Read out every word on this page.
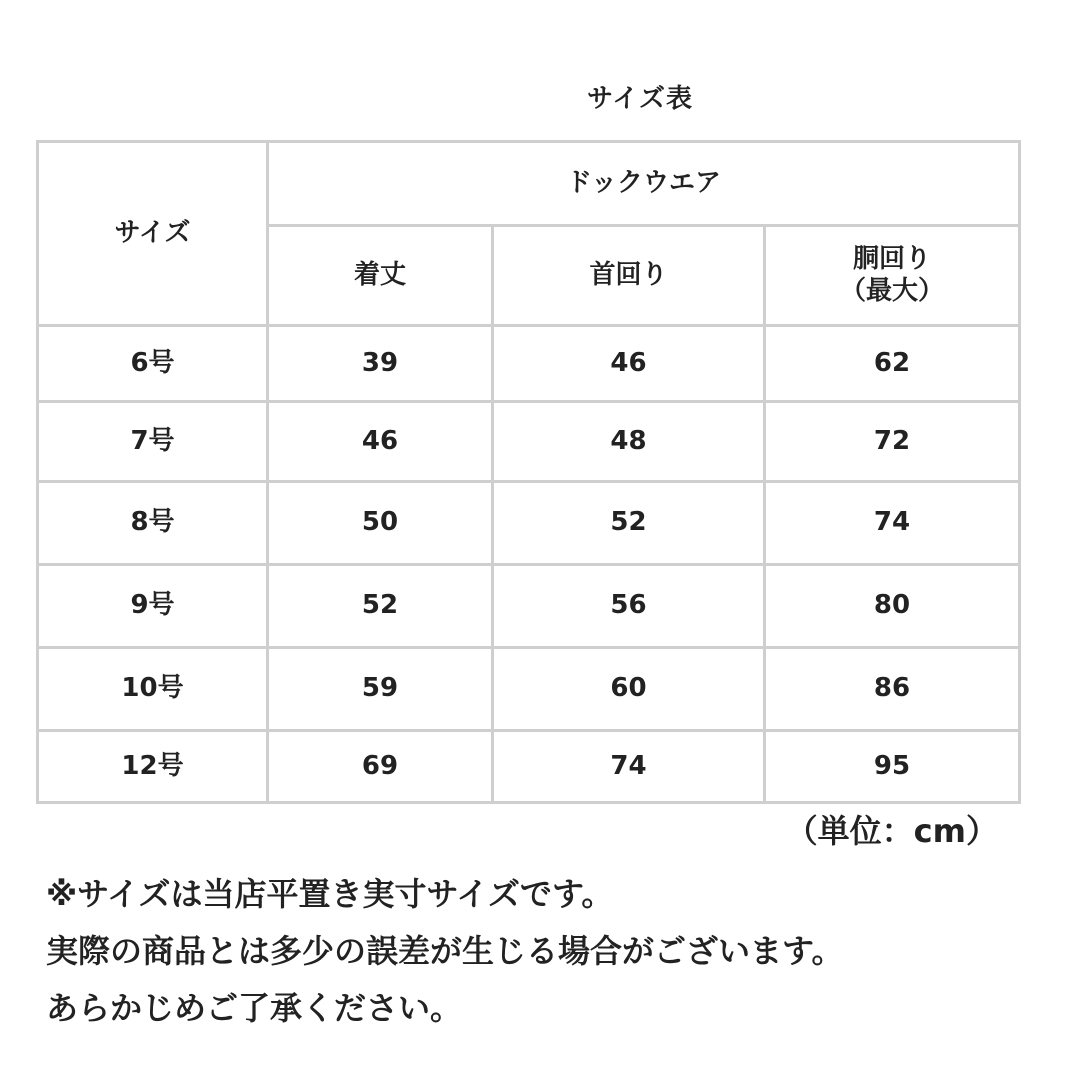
サイズ表
サイズ	ドックウエア		
	着丈	首回り	胴回り
（最大）

6号	39	46	62
7号	46	48	72
8号	50	52	74
9号	52	56	80
10号	59	60	86
12号	69	74	95
（単位：cm）
※サイズは当店平置き実寸サイズです。
実際の商品とは多少の誤差が生じる場合がございます。
あらかじめご了承ください。
